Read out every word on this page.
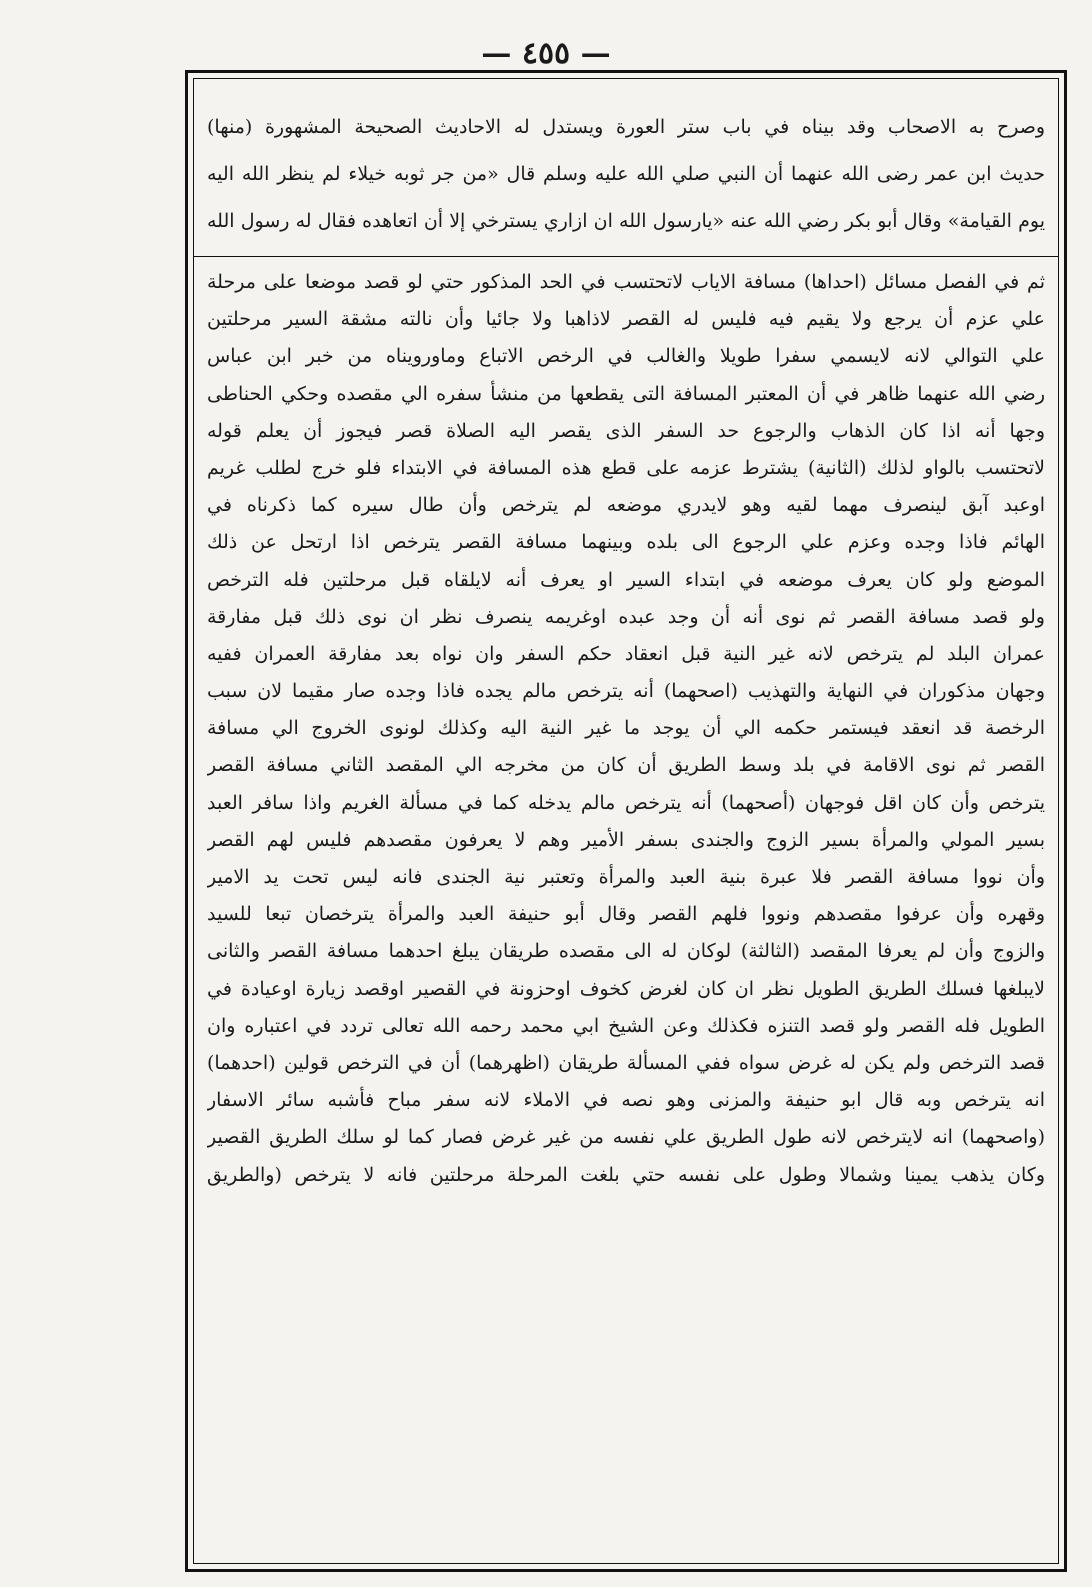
— ٤٥٥ —
وصرح به الاصحاب وقد بيناه في باب ستر العورة ويستدل له الاحاديث الصحيحة المشهورة (منها)
حديث ابن عمر رضى الله عنهما أن النبي صلي الله عليه وسلم قال «من جر ثوبه خيلاء لم ينظر الله اليه
يوم القيامة» وقال أبو بكر رضي الله عنه «يارسول الله ان ازاري يسترخي إلا أن اتعاهده فقال له رسول الله
ثم في الفصل مسائل (احداها) مسافة الاياب لاتحتسب في الحد المذكور حتي لو قصد موضعا على مرحلة
علي عزم أن يرجع ولا يقيم فيه فليس له القصر لاذاهبا ولا جائيا وأن نالته مشقة السير مرحلتين
علي التوالي لانه لايسمي سفرا طويلا والغالب في الرخص الاتباع وماورويناه من خبر ابن عباس
رضي الله عنهما ظاهر في أن المعتبر المسافة التى يقطعها من منشأ سفره الي مقصده وحكي الحناطى
وجها أنه اذا كان الذهاب والرجوع حد السفر الذى يقصر اليه الصلاة قصر فيجوز أن يعلم قوله
لاتحتسب بالواو لذلك (الثانية) يشترط عزمه على قطع هذه المسافة في الابتداء فلو خرج لطلب غريم
اوعبد آبق لينصرف مهما لقيه وهو لايدري موضعه لم يترخص وأن طال سيره كما ذكرناه في
الهائم فاذا وجده وعزم علي الرجوع الى بلده وبينهما مسافة القصر يترخص اذا ارتحل عن ذلك
الموضع ولو كان يعرف موضعه في ابتداء السير او يعرف أنه لايلقاه قبل مرحلتين فله الترخص
ولو قصد مسافة القصر ثم نوى أنه أن وجد عبده اوغريمه ينصرف نظر ان نوى ذلك قبل مفارقة
عمران البلد لم يترخص لانه غير النية قبل انعقاد حكم السفر وان نواه بعد مفارقة العمران ففيه
وجهان مذكوران في النهاية والتهذيب (اصحهما) أنه يترخص مالم يجده فاذا وجده صار مقيما لان سبب
الرخصة قد انعقد فيستمر حكمه الي أن يوجد ما غير النية اليه وكذلك لونوى الخروج الي مسافة
القصر ثم نوى الاقامة في بلد وسط الطريق أن كان من مخرجه الي المقصد الثاني مسافة القصر
يترخص وأن كان اقل فوجهان (أصحهما) أنه يترخص مالم يدخله كما في مسألة الغريم واذا سافر العبد
بسير المولي والمرأة بسير الزوج والجندى بسفر الأمير وهم لا يعرفون مقصدهم فليس لهم القصر
وأن نووا مسافة القصر فلا عبرة بنية العبد والمرأة وتعتبر نية الجندى فانه ليس تحت يد الامير
وقهره وأن عرفوا مقصدهم ونووا فلهم القصر وقال أبو حنيفة العبد والمرأة يترخصان تبعا للسيد
والزوج وأن لم يعرفا المقصد (الثالثة) لوكان له الى مقصده طريقان يبلغ احدهما مسافة القصر والثانى
لايبلغها فسلك الطريق الطويل نظر ان كان لغرض كخوف اوحزونة في القصير اوقصد زيارة اوعيادة في
الطويل فله القصر ولو قصد التنزه فكذلك وعن الشيخ ابي محمد رحمه الله تعالى تردد في اعتباره وان
قصد الترخص ولم يكن له غرض سواه ففي المسألة طريقان (اظهرهما) أن في الترخص قولين (احدهما)
انه يترخص وبه قال ابو حنيفة والمزنى وهو نصه في الاملاء لانه سفر مباح فأشبه سائر الاسفار
(واصحهما) انه لايترخص لانه طول الطريق علي نفسه من غير غرض فصار كما لو سلك الطريق القصير
وكان يذهب يمينا وشمالا وطول على نفسه حتي بلغت المرحلة مرحلتين فانه لا يترخص (والطريق
